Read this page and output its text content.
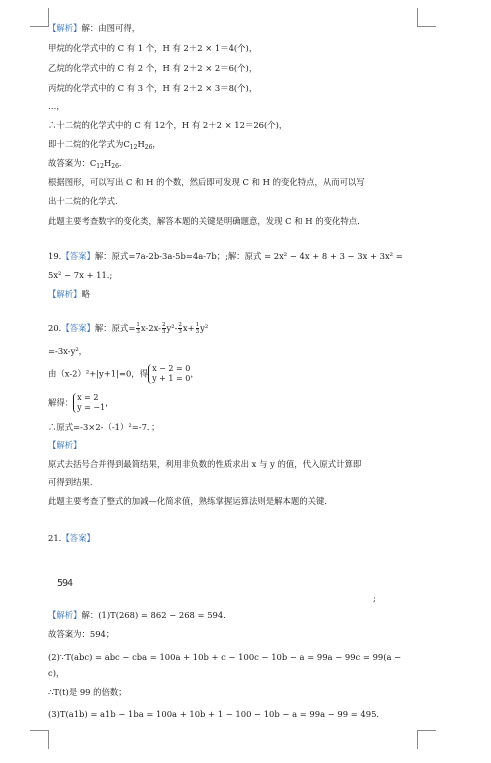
【解析】解：由图可得，
甲烷的化学式中的 C 有 1 个，H 有 2＋2 × 1＝4(个)，
乙烷的化学式中的 C 有 2 个，H 有 2＋2 × 2＝6(个)，
丙烷的化学式中的 C 有 3 个，H 有 2＋2 × 3＝8(个)，
…，
∴十二烷的化学式中的 C 有 12个，H 有 2＋2 × 12＝26(个)，
即十二烷的化学式为$C_{12}H_{26}$，
故答案为：$C_{12}H_{26}$．
根据图形，可以写出 C 和 H 的个数，然后即可发现 C 和 H 的变化特点，从而可以写
出十二烷的化学式．
此题主要考查数字的变化类，解答本题的关键是明确题意，发现 C 和 H 的变化特点．
19.【答案】解：原式=7a-2b-3a-5b=4a-7b；;解：原式 = 2x² − 4x + 8 + 3 − 3x + 3x² =
5x² − 7x + 11.;
【解析】略
20.【答案】解：原式= $\frac{1}{3} x-2x- \frac{2}{3} y^2- \frac{2}{3} x+ \frac{1}{3} y^2$
=-3x-y²，
由（x-2）²+|y+1|=0，得 x − 2 = 0
y + 1 = 0 ，
解得： x = 2
y = −1 ，
∴原式=-3×2-（-1）²=-7．；
【解析】
原式去括号合并得到最简结果，利用非负数的性质求出 x 与 y 的值，代入原式计算即
可得到结果．
此题主要考查了整式的加减—化简求值，熟练掌握运算法则是解本题的关键．
21.【答案】
594
;
【解析】解：(1)T(268) = 862 − 268 = 594．
故答案为：594；
(2)∵T(abc) = abc − cba = 100a + 10b + c − 100c − 10b − a = 99a − 99c = 99(a −
c)，
∴T(t)是 99 的倍数；
(3)T(a1b) = a1b − 1ba = 100a + 10b + 1 − 100 − 10b − a = 99a − 99 = 495．
